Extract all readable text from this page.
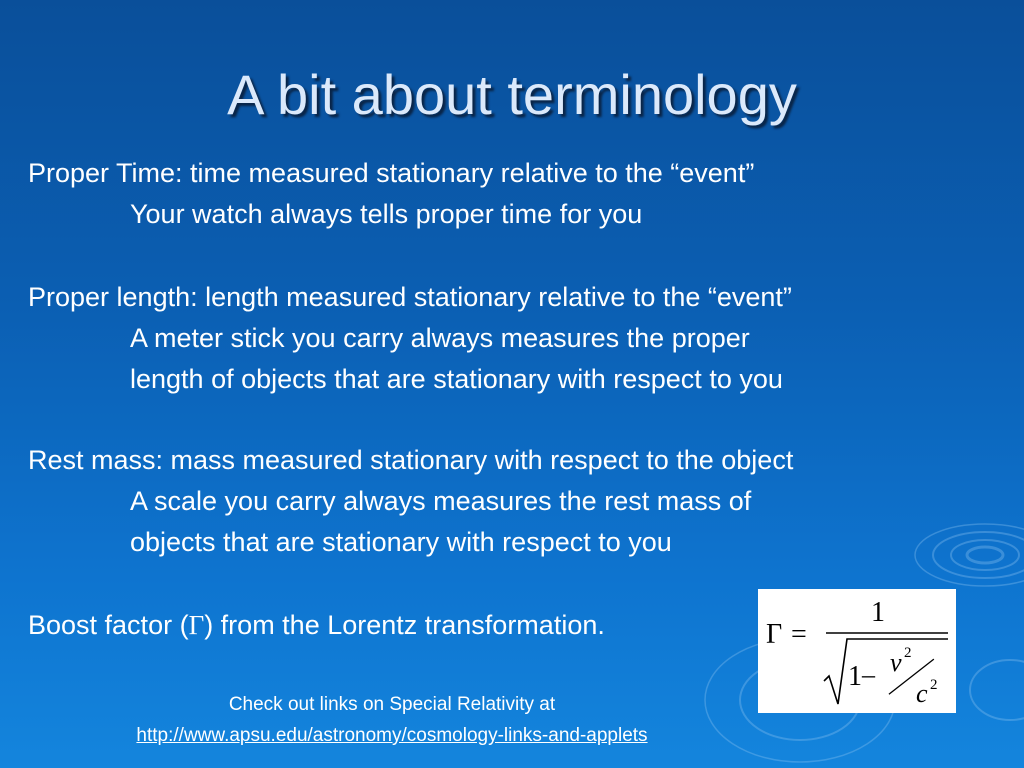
A bit about terminology
Proper Time: time measured stationary relative to the “event”
Your watch always tells proper time for you
Proper length: length measured stationary relative to the “event”
A meter stick you carry always measures the proper
length of objects that are stationary with respect to you
Rest mass: mass measured stationary with respect to the object
A scale you carry always measures the rest mass of
objects that are stationary with respect to you
Boost factor (Γ) from the Lorentz transformation.	Γ =
1
1 – v 2
c 2
Check out links on Special Relativity at
http://www.apsu.edu/astronomy/cosmology-links-and-applets
